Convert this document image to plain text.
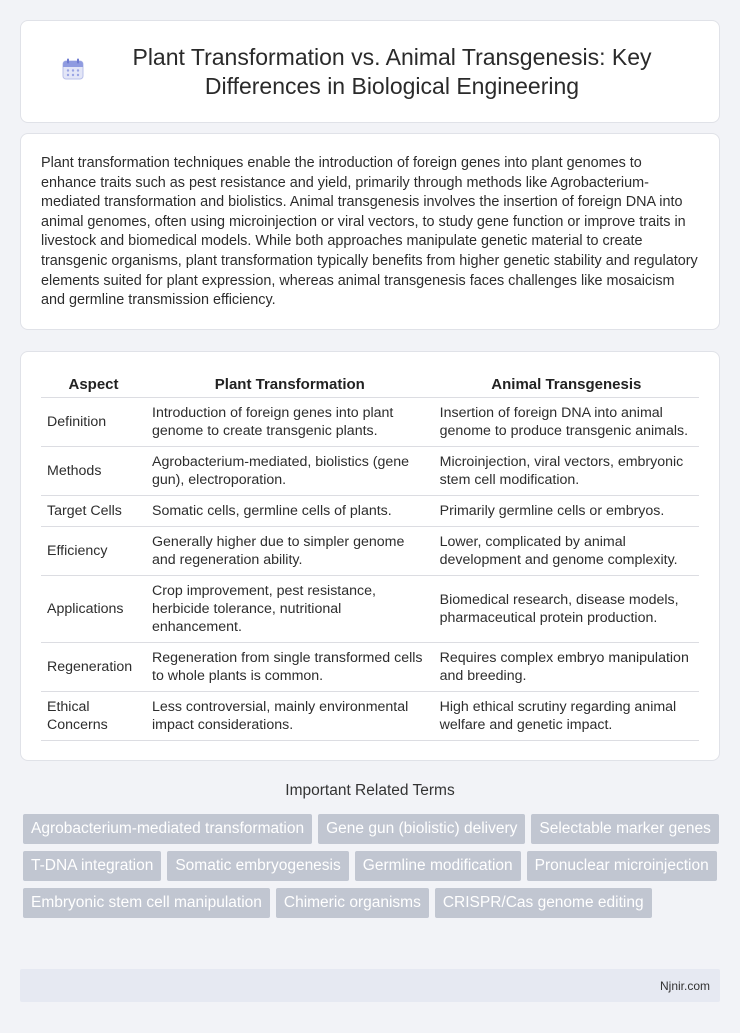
Plant Transformation vs. Animal Transgenesis: Key Differences in Biological Engineering

Plant transformation techniques enable the introduction of foreign genes into plant genomes to enhance traits such as pest resistance and yield, primarily through methods like Agrobacterium-mediated transformation and biolistics. Animal transgenesis involves the insertion of foreign DNA into animal genomes, often using microinjection or viral vectors, to study gene function or improve traits in livestock and biomedical models. While both approaches manipulate genetic material to create transgenic organisms, plant transformation typically benefits from higher genetic stability and regulatory elements suited for plant expression, whereas animal transgenesis faces challenges like mosaicism and germline transmission efficiency.

Aspect	Plant Transformation	Animal Transgenesis
Definition	Introduction of foreign genes into plant genome to create transgenic plants.	Insertion of foreign DNA into animal genome to produce transgenic animals.
Methods	Agrobacterium-mediated, biolistics (gene gun), electroporation.	Microinjection, viral vectors, embryonic stem cell modification.
Target Cells	Somatic cells, germline cells of plants.	Primarily germline cells or embryos.
Efficiency	Generally higher due to simpler genome and regeneration ability.	Lower, complicated by animal development and genome complexity.
Applications	Crop improvement, pest resistance, herbicide tolerance, nutritional enhancement.	Biomedical research, disease models, pharmaceutical protein production.
Regeneration	Regeneration from single transformed cells to whole plants is common.	Requires complex embryo manipulation and breeding.
Ethical Concerns	Less controversial, mainly environmental impact considerations.	High ethical scrutiny regarding animal welfare and genetic impact.
Important Related Terms
Agrobacterium-mediated transformation	Gene gun (biolistic) delivery	Selectable marker genes
T-DNA integration	Somatic embryogenesis	Germline modification	Pronuclear microinjection
Embryonic stem cell manipulation	Chimeric organisms	CRISPR/Cas genome editing
Njnir.com
